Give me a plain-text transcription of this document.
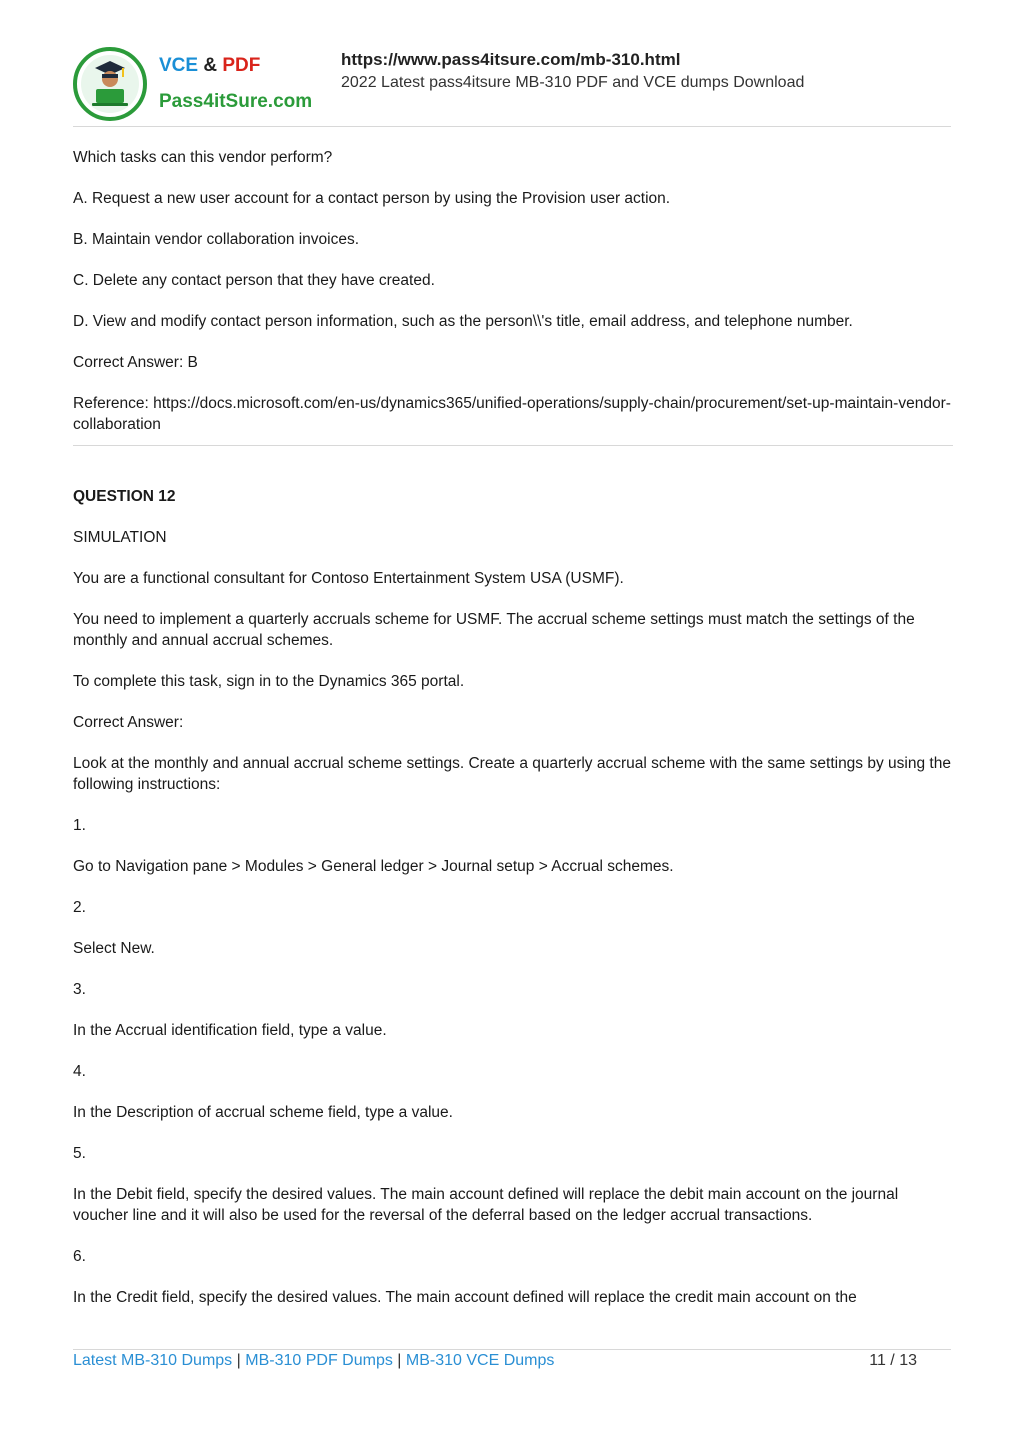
VCE & PDF
Pass4itSure.com
https://www.pass4itsure.com/mb-310.html
2022 Latest pass4itsure MB-310 PDF and VCE dumps Download

Which tasks can this vendor perform?

A. Request a new user account for a contact person by using the Provision user action.

B. Maintain vendor collaboration invoices.

C. Delete any contact person that they have created.

D. View and modify contact person information, such as the person\\'s title, email address, and telephone number.

Correct Answer: B

Reference: https://docs.microsoft.com/en-us/dynamics365/unified-operations/supply-chain/procurement/set-up-maintain-vendor-collaboration

QUESTION 12

SIMULATION

You are a functional consultant for Contoso Entertainment System USA (USMF).

You need to implement a quarterly accruals scheme for USMF. The accrual scheme settings must match the settings of the monthly and annual accrual schemes.

To complete this task, sign in to the Dynamics 365 portal.

Correct Answer:

Look at the monthly and annual accrual scheme settings. Create a quarterly accrual scheme with the same settings by using the following instructions:

1.

Go to Navigation pane > Modules > General ledger > Journal setup > Accrual schemes.

2.

Select New.

3.

In the Accrual identification field, type a value.

4.

In the Description of accrual scheme field, type a value.

5.

In the Debit field, specify the desired values. The main account defined will replace the debit main account on the journal voucher line and it will also be used for the reversal of the deferral based on the ledger accrual transactions.

6.

In the Credit field, specify the desired values. The main account defined will replace the credit main account on the

Latest MB-310 Dumps | MB-310 PDF Dumps | MB-310 VCE Dumps	11 / 13
